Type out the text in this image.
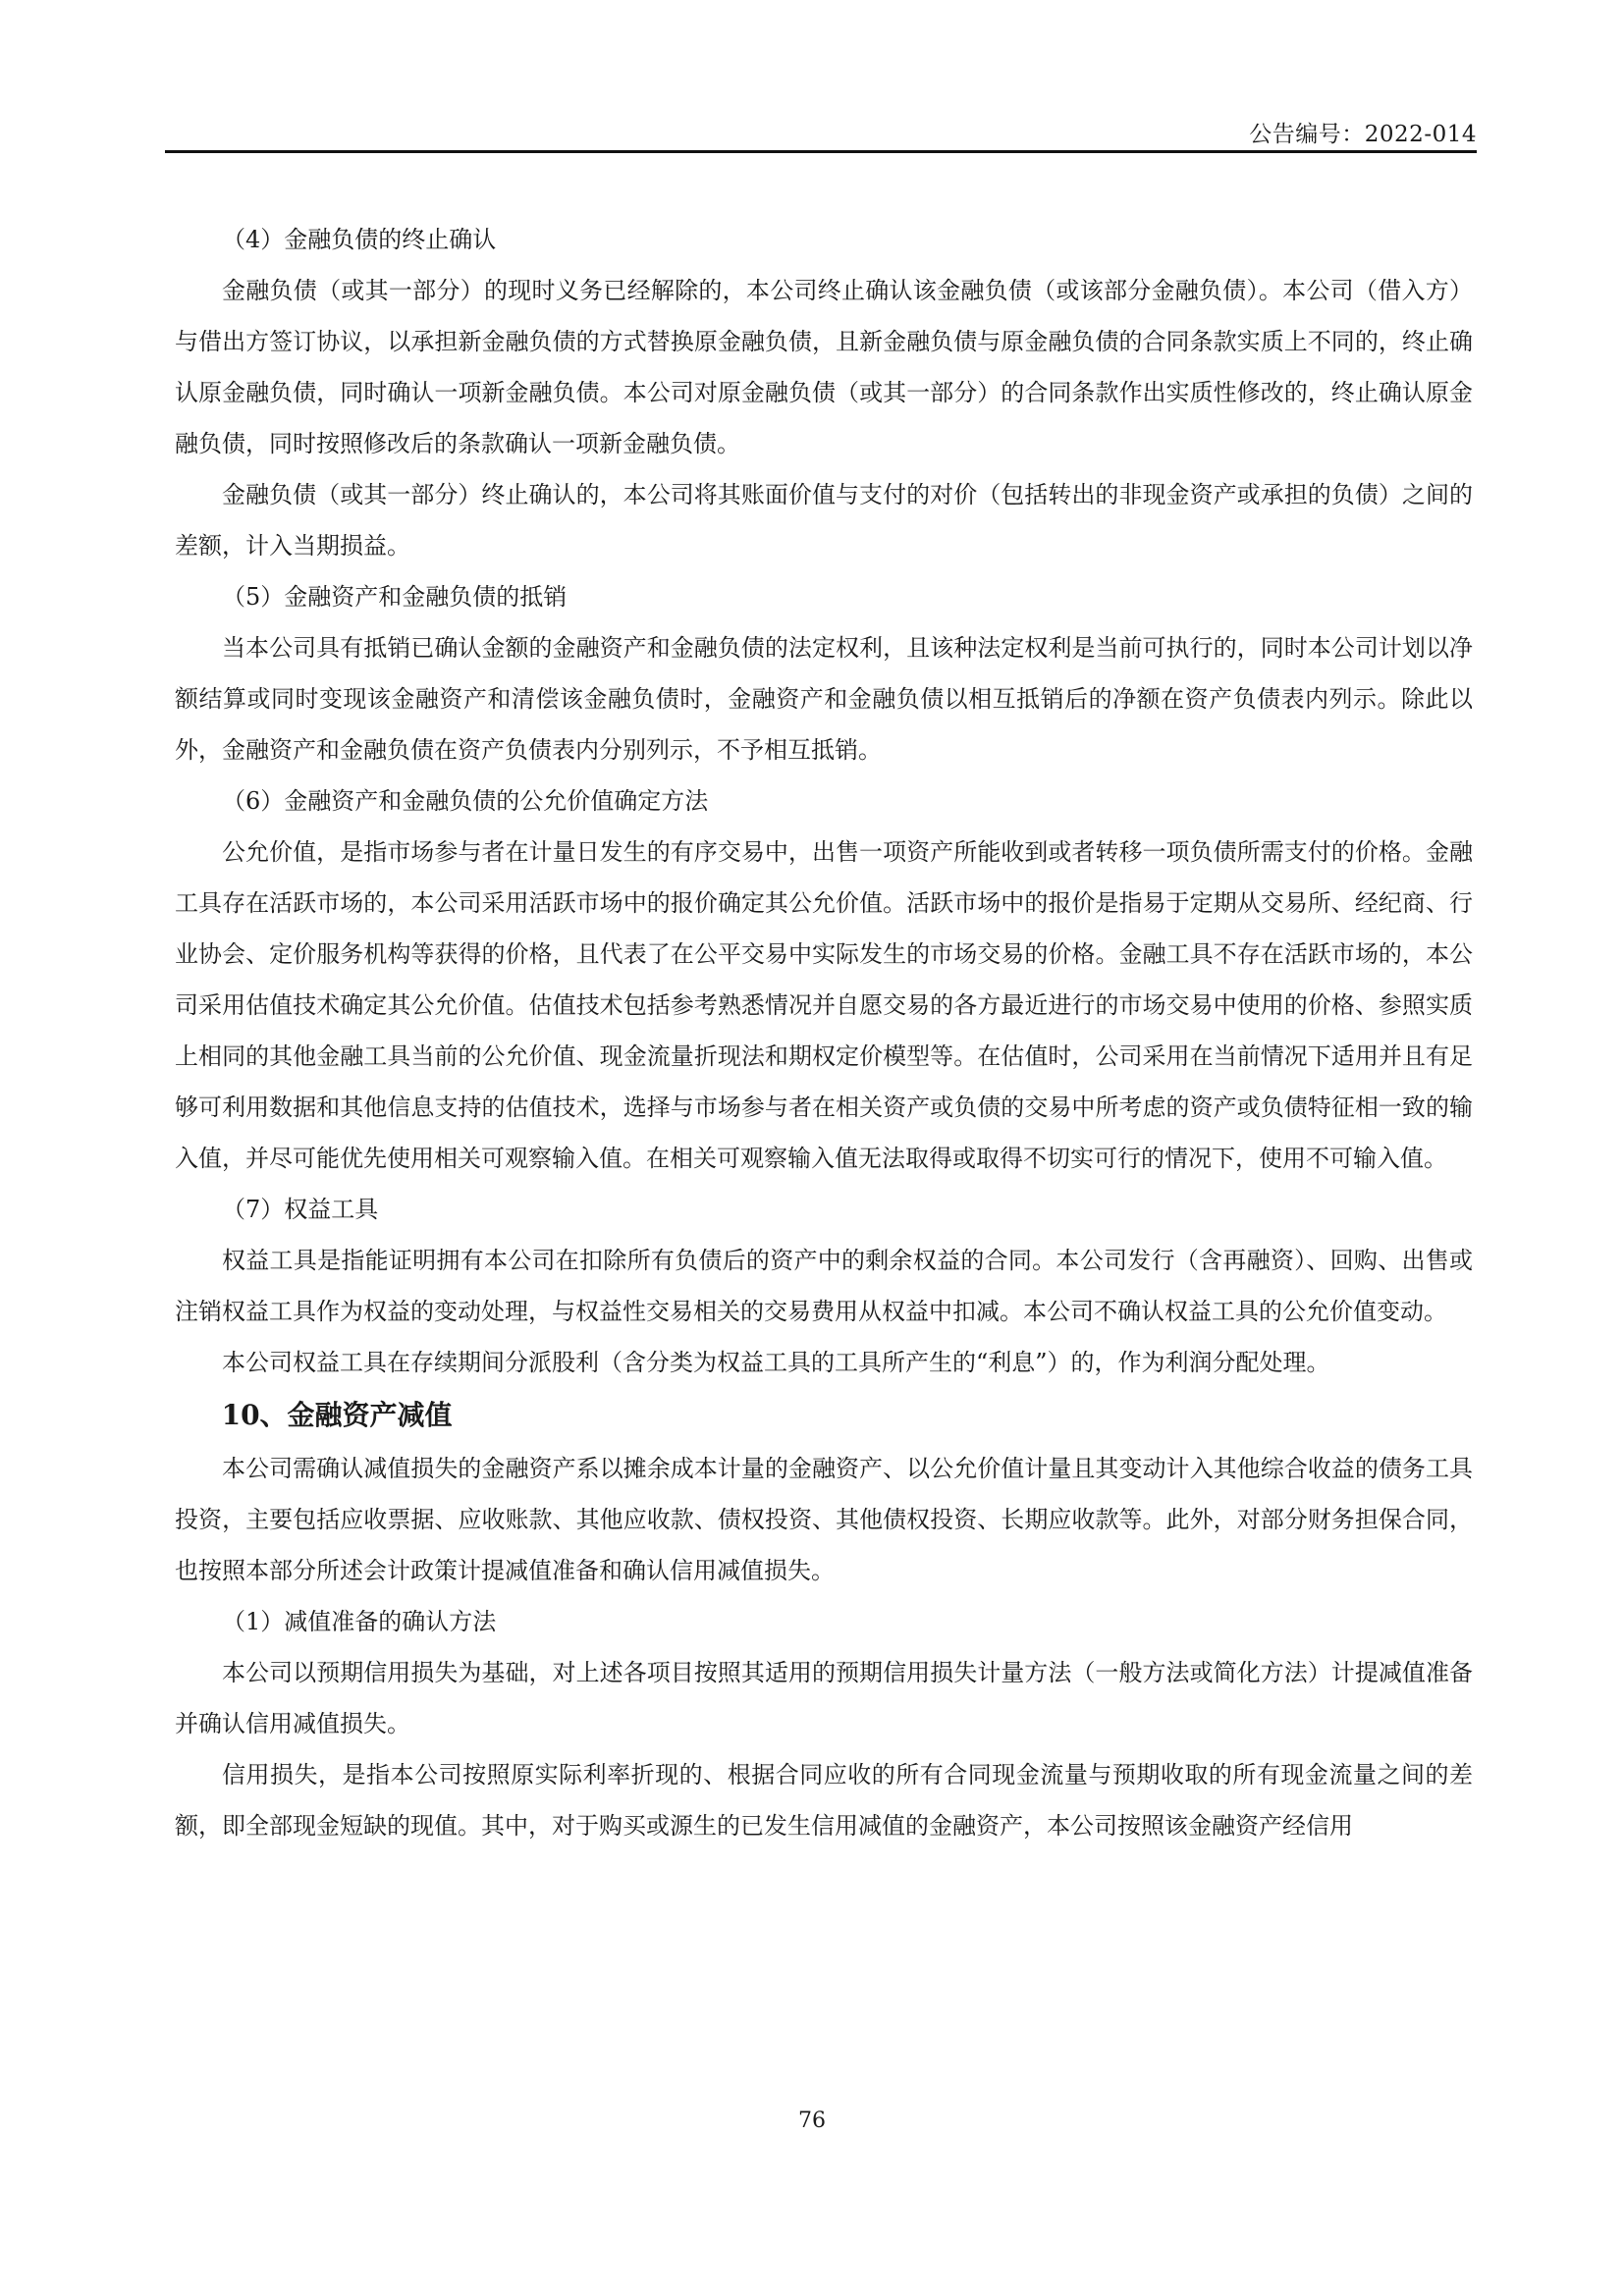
公告编号：2022-014
（4）金融负债的终止确认

金融负债（或其一部分）的现时义务已经解除的，本公司终止确认该金融负债（或该部分金融负债）。本公司（借入方）与借出方签订协议，以承担新金融负债的方式替换原金融负债，且新金融负债与原金融负债的合同条款实质上不同的，终止确认原金融负债，同时确认一项新金融负债。本公司对原金融负债（或其一部分）的合同条款作出实质性修改的，终止确认原金融负债，同时按照修改后的条款确认一项新金融负债。

金融负债（或其一部分）终止确认的，本公司将其账面价值与支付的对价（包括转出的非现金资产或承担的负债）之间的差额，计入当期损益。

（5）金融资产和金融负债的抵销

当本公司具有抵销已确认金额的金融资产和金融负债的法定权利，且该种法定权利是当前可执行的，同时本公司计划以净额结算或同时变现该金融资产和清偿该金融负债时，金融资产和金融负债以相互抵销后的净额在资产负债表内列示。除此以外，金融资产和金融负债在资产负债表内分别列示，不予相互抵销。

（6）金融资产和金融负债的公允价值确定方法

公允价值，是指市场参与者在计量日发生的有序交易中，出售一项资产所能收到或者转移一项负债所需支付的价格。金融工具存在活跃市场的，本公司采用活跃市场中的报价确定其公允价值。活跃市场中的报价是指易于定期从交易所、经纪商、行业协会、定价服务机构等获得的价格，且代表了在公平交易中实际发生的市场交易的价格。金融工具不存在活跃市场的，本公司采用估值技术确定其公允价值。估值技术包括参考熟悉情况并自愿交易的各方最近进行的市场交易中使用的价格、参照实质上相同的其他金融工具当前的公允价值、现金流量折现法和期权定价模型等。在估值时，公司采用在当前情况下适用并且有足够可利用数据和其他信息支持的估值技术，选择与市场参与者在相关资产或负债的交易中所考虑的资产或负债特征相一致的输入值，并尽可能优先使用相关可观察输入值。在相关可观察输入值无法取得或取得不切实可行的情况下，使用不可输入值。

（7）权益工具

权益工具是指能证明拥有本公司在扣除所有负债后的资产中的剩余权益的合同。本公司发行（含再融资）、回购、出售或注销权益工具作为权益的变动处理，与权益性交易相关的交易费用从权益中扣减。本公司不确认权益工具的公允价值变动。

本公司权益工具在存续期间分派股利（含分类为权益工具的工具所产生的“利息”）的，作为利润分配处理。

10、金融资产减值

本公司需确认减值损失的金融资产系以摊余成本计量的金融资产、以公允价值计量且其变动计入其他综合收益的债务工具投资，主要包括应收票据、应收账款、其他应收款、债权投资、其他债权投资、长期应收款等。此外，对部分财务担保合同，也按照本部分所述会计政策计提减值准备和确认信用减值损失。

（1）减值准备的确认方法

本公司以预期信用损失为基础，对上述各项目按照其适用的预期信用损失计量方法（一般方法或简化方法）计提减值准备并确认信用减值损失。

信用损失，是指本公司按照原实际利率折现的、根据合同应收的所有合同现金流量与预期收取的所有现金流量之间的差额，即全部现金短缺的现值。其中，对于购买或源生的已发生信用减值的金融资产，本公司按照该金融资产经信用

76
